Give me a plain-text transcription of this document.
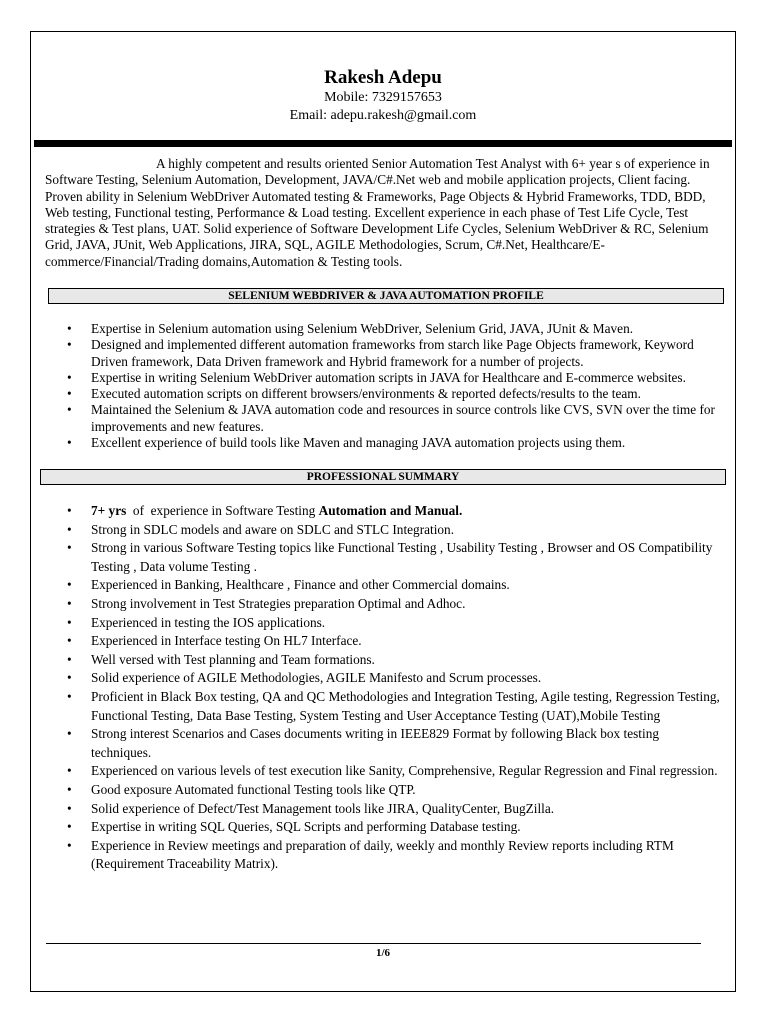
Rakesh Adepu
Mobile: 7329157653
Email: adepu.rakesh@gmail.com

A highly competent and results oriented Senior Automation Test Analyst with 6+ year s of experience in Software Testing, Selenium Automation, Development, JAVA/C#.Net web and mobile application projects, Client facing. Proven ability in Selenium WebDriver Automated testing & Frameworks, Page Objects & Hybrid Frameworks, TDD, BDD, Web testing, Functional testing, Performance & Load testing. Excellent experience in each phase of Test Life Cycle, Test strategies & Test plans, UAT. Solid experience of Software Development Life Cycles, Selenium WebDriver & RC, Selenium Grid, JAVA, JUnit, Web Applications, JIRA, SQL, AGILE Methodologies, Scrum, C#.Net, Healthcare/E-commerce/Financial/Trading domains,Automation & Testing tools.

SELENIUM WEBDRIVER & JAVA AUTOMATION PROFILE
• Expertise in Selenium automation using Selenium WebDriver, Selenium Grid, JAVA, JUnit & Maven.
• Designed and implemented different automation frameworks from starch like Page Objects framework, Keyword Driven framework, Data Driven framework and Hybrid framework for a number of projects.
• Expertise in writing Selenium WebDriver automation scripts in JAVA for Healthcare and E-commerce websites.
• Executed automation scripts on different browsers/environments & reported defects/results to the team.
• Maintained the Selenium & JAVA automation code and resources in source controls like CVS, SVN over the time for improvements and new features.
• Excellent experience of build tools like Maven and managing JAVA automation projects using them.
PROFESSIONAL SUMMARY
• 7+ yrs  of  experience in Software Testing Automation and Manual.
• Strong in SDLC models and aware on SDLC and STLC Integration.
• Strong in various Software Testing topics like Functional Testing , Usability Testing , Browser and OS Compatibility Testing , Data volume Testing .
• Experienced in Banking, Healthcare , Finance and other Commercial domains.
• Strong involvement in Test Strategies preparation Optimal and Adhoc.
• Experienced in testing the IOS applications.
• Experienced in Interface testing On HL7 Interface.
• Well versed with Test planning and Team formations.
• Solid experience of AGILE Methodologies, AGILE Manifesto and Scrum processes.
• Proficient in Black Box testing, QA and QC Methodologies and Integration Testing, Agile testing, Regression Testing, Functional Testing, Data Base Testing, System Testing and User Acceptance Testing (UAT),Mobile Testing
• Strong interest Scenarios and Cases documents writing in IEEE829 Format by following Black box testing techniques.
• Experienced on various levels of test execution like Sanity, Comprehensive, Regular Regression and Final regression.
• Good exposure Automated functional Testing tools like QTP.
• Solid experience of Defect/Test Management tools like JIRA, QualityCenter, BugZilla.
• Expertise in writing SQL Queries, SQL Scripts and performing Database testing.
• Experience in Review meetings and preparation of daily, weekly and monthly Review reports including RTM (Requirement Traceability Matrix).
1/6
